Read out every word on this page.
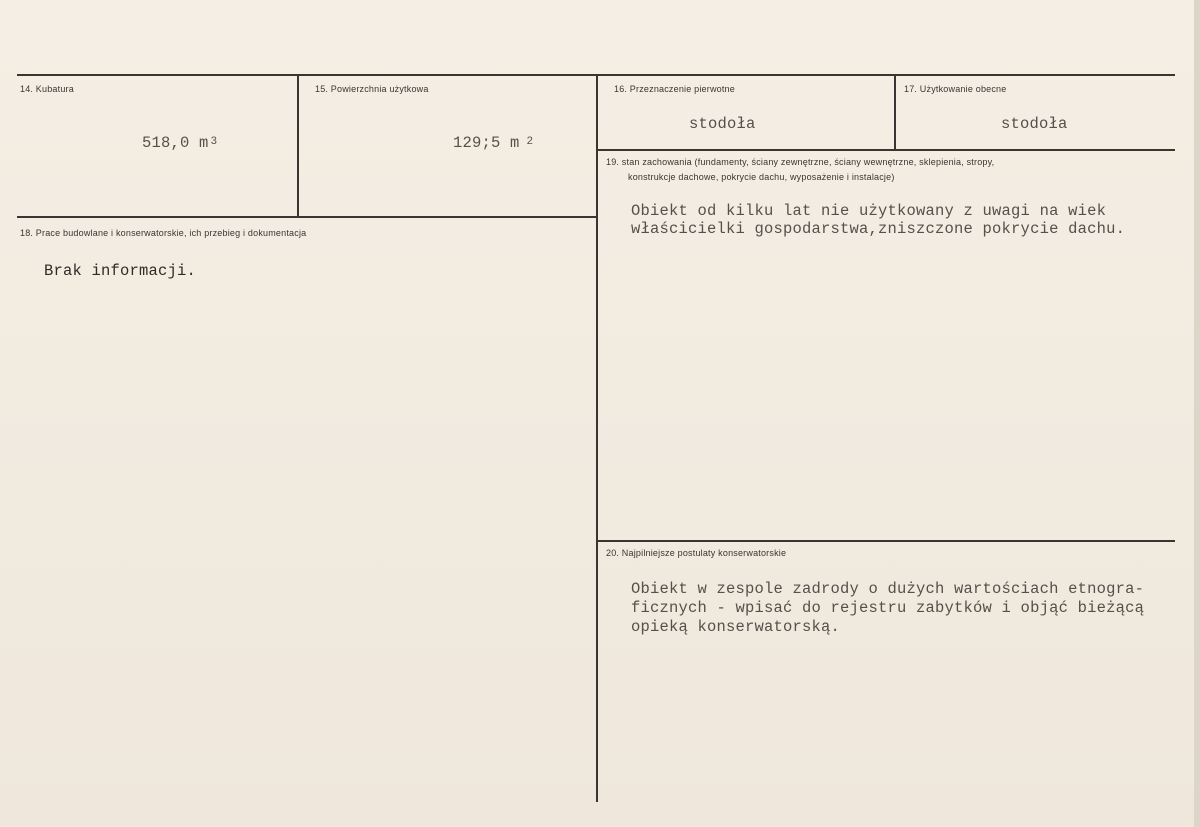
14. Kubatura

518,0 m $^3$

15. Powierzchnia użytkowa

129;5 m $^2$

16. Przeznaczenie pierwotne
stodoła
17. Użytkowanie obecne
stodoła
18. Prace budowlane i konserwatorskie, ich przebieg i dokumentacja
Brak informacji.
19. stan zachowania (fundamenty, ściany zewnętrzne, ściany wewnętrzne, sklepienia, stropy,
konstrukcje dachowe, pokrycie dachu, wyposażenie i instalacje)
Obiekt od kilku lat nie użytkowany z uwagi na wiek
właścicielki gospodarstwa,zniszczone pokrycie dachu.
20. Najpilniejsze postulaty konserwatorskie
Obiekt w zespole zadrody o dużych wartościach etnogra-
ficznych - wpisać do rejestru zabytków i objąć bieżącą
opieką konserwatorską.
